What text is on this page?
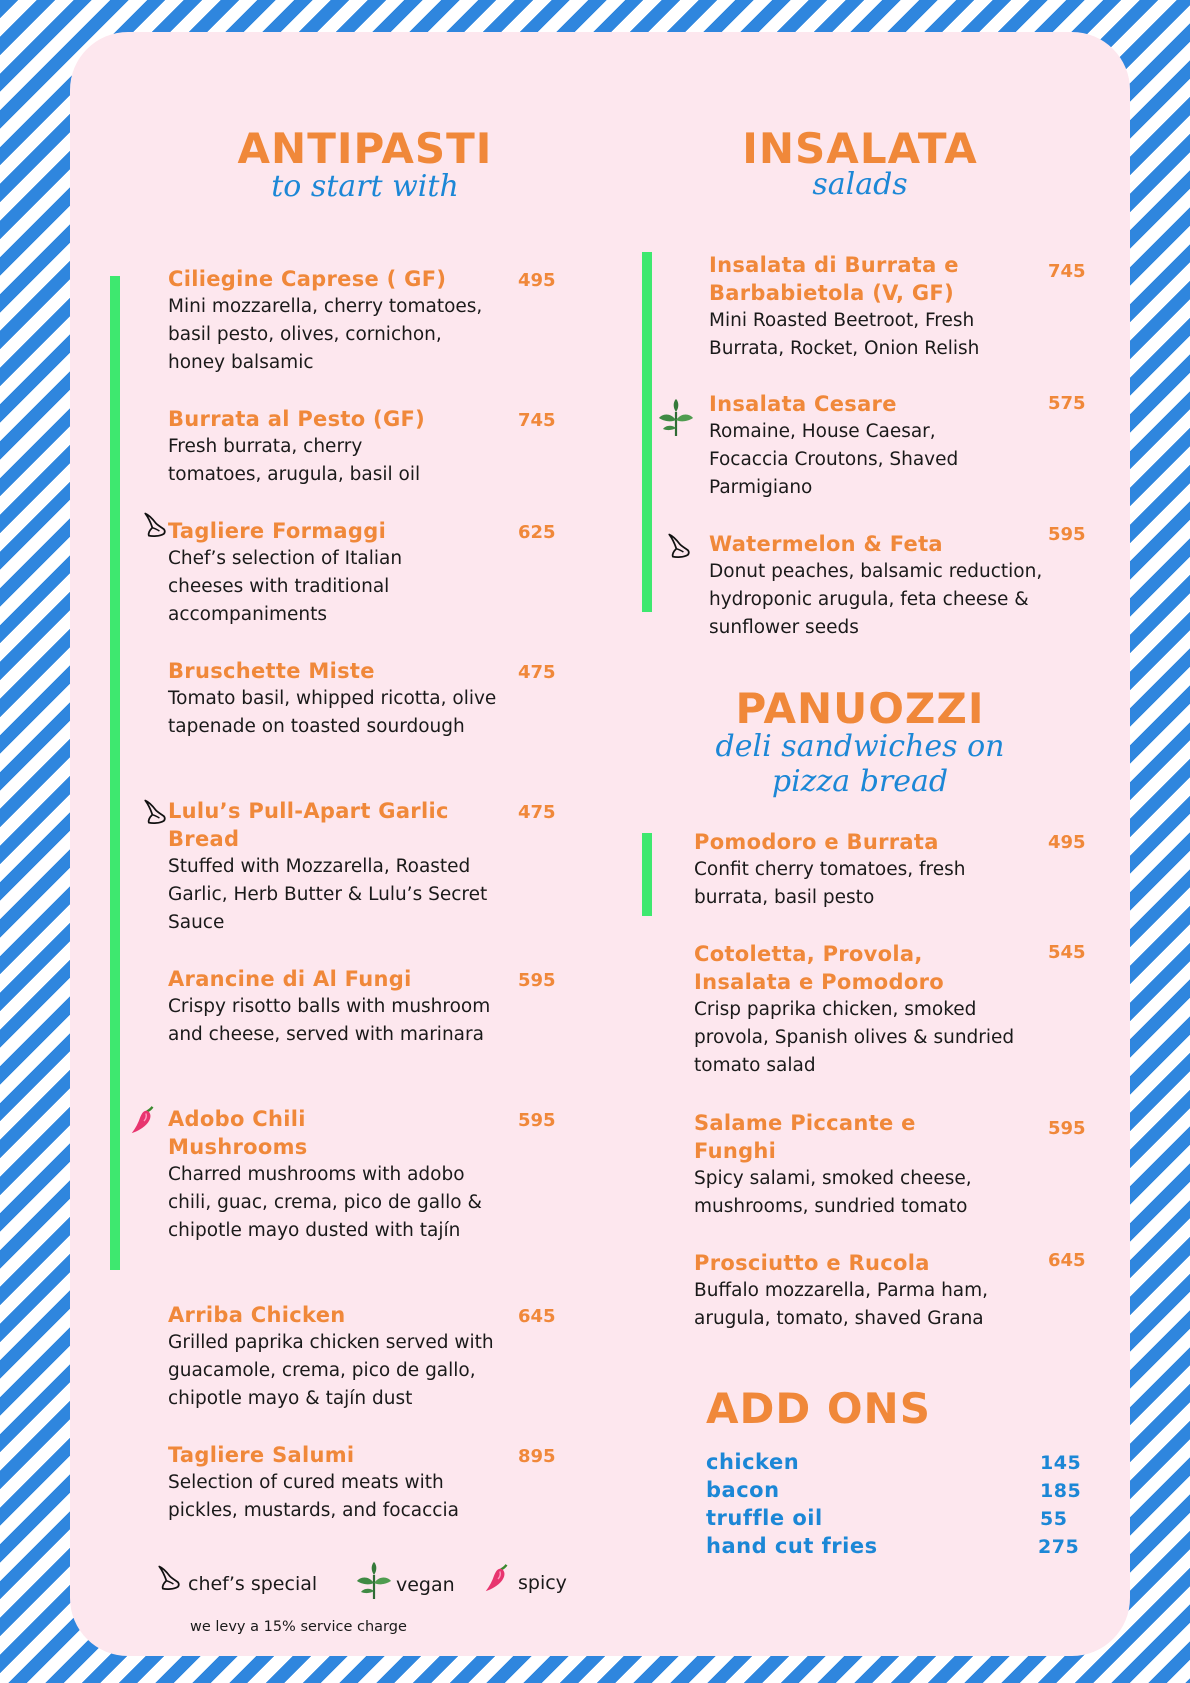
ANTIPASTI
to start with
Ciliegine Caprese ( GF)
Mini mozzarella, cherry tomatoes, basil pesto, olives, cornichon, honey balsamic
495
Burrata al Pesto (GF)
Fresh burrata, cherry tomatoes, arugula, basil oil
745
Tagliere Formaggi
Chef’s selection of Italian cheeses with traditional accompaniments
625
Bruschette Miste
Tomato basil, whipped ricotta, olive tapenade on toasted sourdough
475
Lulu’s Pull-Apart Garlic Bread
Stuffed with Mozzarella, Roasted Garlic, Herb Butter & Lulu’s Secret Sauce
475
Arancine di Al Fungi
Crispy risotto balls with mushroom and cheese, served with marinara
595
Adobo Chili Mushrooms
Charred mushrooms with adobo chili, guac, crema, pico de gallo & chipotle mayo dusted with tajín
595
Arriba Chicken
Grilled paprika chicken served with guacamole, crema, pico de gallo, chipotle mayo & tajín dust
645
Tagliere Salumi
Selection of cured meats with pickles, mustards, and focaccia
895
INSALATA
salads
Insalata di Burrata e Barbabietola (V, GF)
Mini Roasted Beetroot, Fresh Burrata, Rocket, Onion Relish
745
Insalata Cesare
Romaine, House Caesar, Focaccia Croutons, Shaved Parmigiano
575
Watermelon & Feta
Donut peaches, balsamic reduction, hydroponic arugula, feta cheese & sunflower seeds
595
PANUOZZI
deli sandwiches on
pizza bread
Pomodoro e Burrata
Confit cherry tomatoes, fresh burrata, basil pesto
495
Cotoletta, Provola, Insalata e Pomodoro
Crisp paprika chicken, smoked provola, Spanish olives & sundried tomato salad
545
Salame Piccante e Funghi
Spicy salami, smoked cheese, mushrooms, sundried tomato
595
Prosciutto e Rucola
Buffalo mozzarella, Parma ham, arugula, tomato, shaved Grana
645
ADD ONS
chicken	145
bacon	185
truffle oil	55
hand cut fries	275
chef’s special	vegan	spicy
we levy a 15% service charge
